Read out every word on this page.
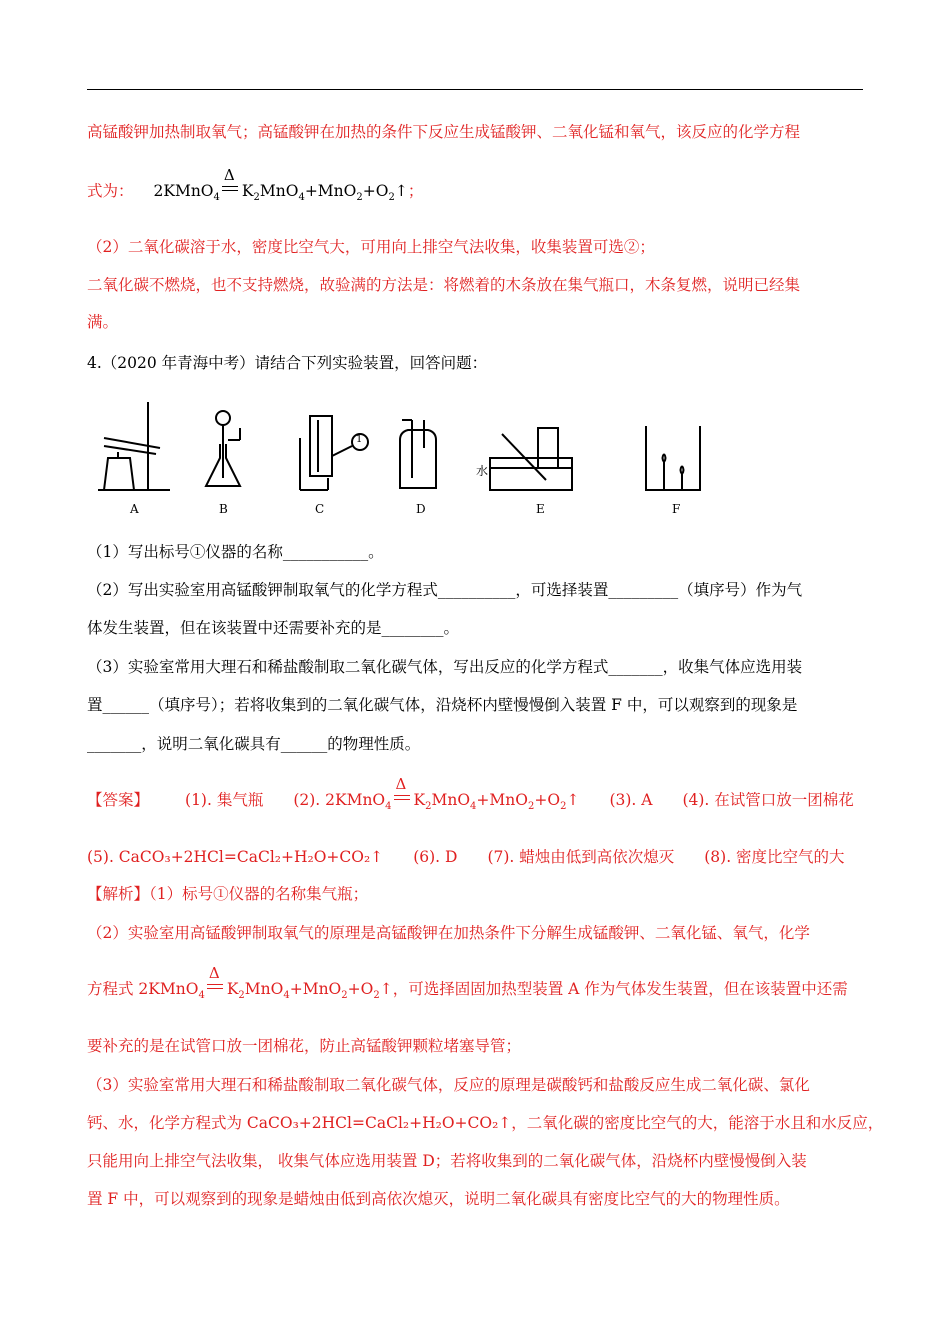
高锰酸钾加热制取氧气；高锰酸钾在加热的条件下反应生成锰酸钾、二氧化锰和氧气，该反应的化学方程
式为： 2KMnO$_4$
Δ
$K_2MnO_4+MnO_2+O_2↑$；
（2）二氧化碳溶于水，密度比空气大，可用向上排空气法收集，收集装置可选②；
二氧化碳不燃烧，也不支持燃烧，故验满的方法是：将燃着的木条放在集气瓶口，木条复燃，说明已经集
满。
4.（2020 年青海中考）请结合下列实验装置，回答问题：
A	B	C	D	E	F
1
水
（1）写出标号①仪器的名称___________。
（2）写出实验室用高锰酸钾制取氧气的化学方程式__________，可选择装置_________（填序号）作为气
体发生装置，但在该装置中还需要补充的是________。
（3）实验室常用大理石和稀盐酸制取二氧化碳气体，写出反应的化学方程式_______，收集气体应选用装
置______（填序号）；若将收集到的二氧化碳气体，沿烧杯内壁慢慢倒入装置 F 中，可以观察到的现象是
_______，说明二氧化碳具有______的物理性质。
【答案】 (1). 集气瓶 (2). 2KMnO$_4$
Δ
$K_2MnO_4+MnO_2+O_2↑$ (3). A (4). 在试管口放一团棉花
(5). CaCO₃+2HCl=CaCl₂+H₂O+CO₂↑ (6). D (7). 蜡烛由低到高依次熄灭 (8). 密度比空气的大
【解析】（1）标号①仪器的名称集气瓶；
（2）实验室用高锰酸钾制取氧气的原理是高锰酸钾在加热条件下分解生成锰酸钾、二氧化锰、氧气，化学
方程式 2KMnO$_4$
Δ
$K_2MnO_4+MnO_2+O_2↑$，可选择固固加热型装置 A 作为气体发生装置，但在该装置中还需
要补充的是在试管口放一团棉花，防止高锰酸钾颗粒堵塞导管；
（3）实验室常用大理石和稀盐酸制取二氧化碳气体，反应的原理是碳酸钙和盐酸反应生成二氧化碳、氯化
钙、水，化学方程式为 CaCO₃+2HCl=CaCl₂+H₂O+CO₂↑，二氧化碳的密度比空气的大，能溶于水且和水反应，
只能用向上排空气法收集， 收集气体应选用装置 D；若将收集到的二氧化碳气体，沿烧杯内壁慢慢倒入装
置 F 中，可以观察到的现象是蜡烛由低到高依次熄灭，说明二氧化碳具有密度比空气的大的物理性质。
